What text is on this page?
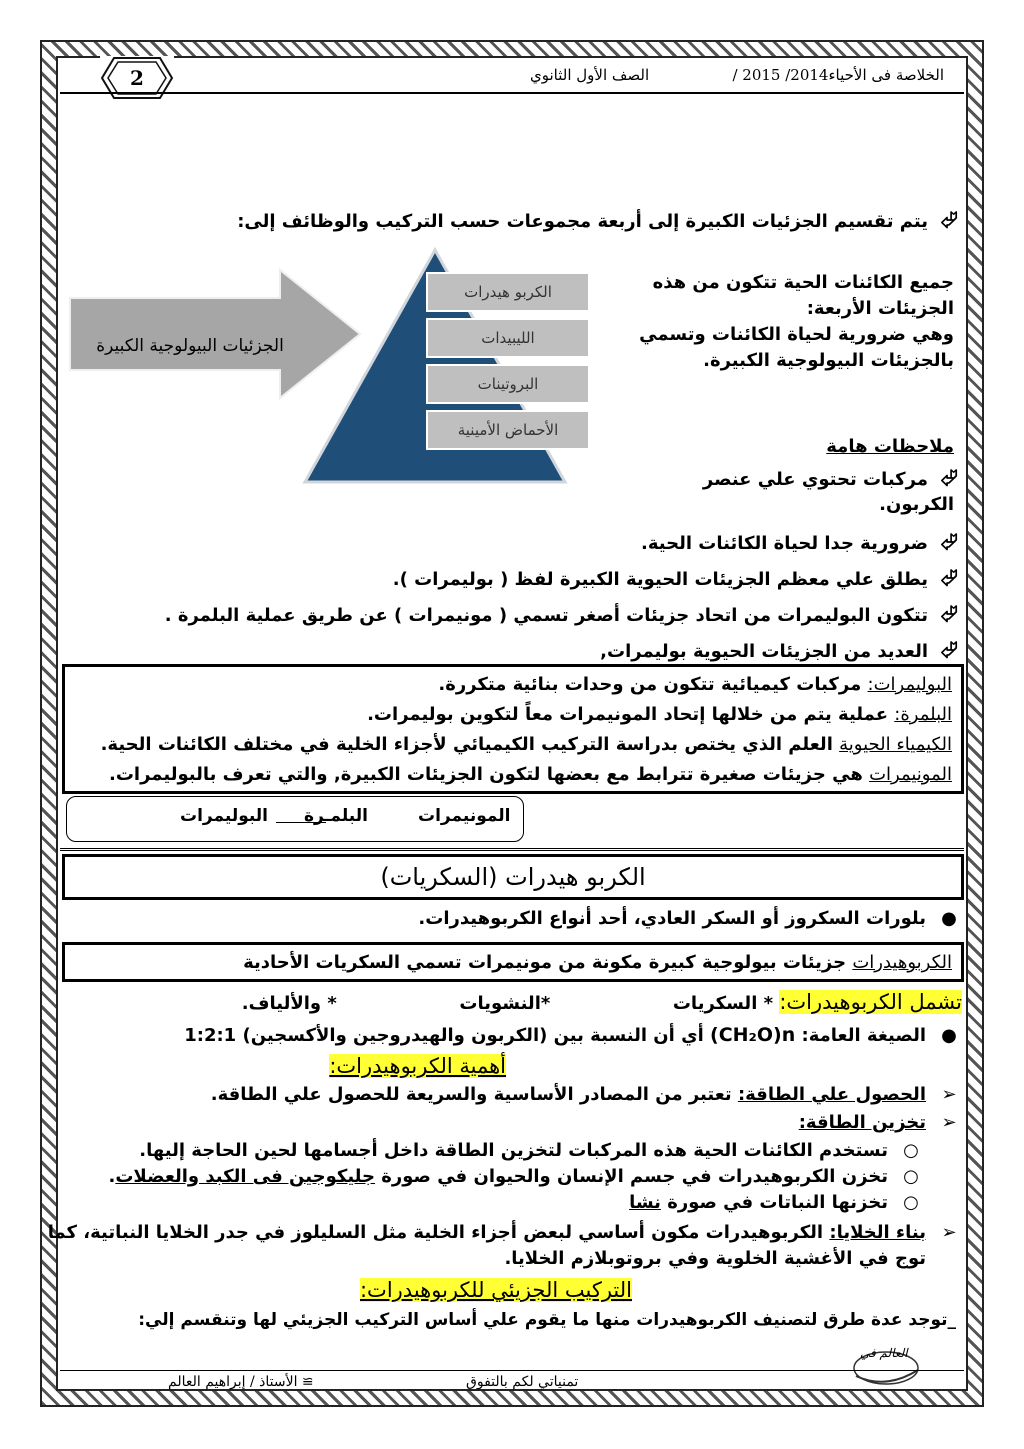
2	الخلاصة فى الأحياء2014/ 2015 /
الصف الأول الثانوي
⮰يتم تقسيم الجزئيات الكبيرة إلى أربعة مجموعات حسب التركيب والوظائف إلى:
الجزئيات البيولوجية الكبيرة
الكربو هيدرات
الليبيدات
البروتينات
الأحماض الأمينية
جميع الكائنات الحية تتكون من هذه
الجزيئات الأربعة:
وهي ضرورية لحياة الكائنات وتسمي
بالجزيئات البيولوجية الكبيرة.
ملاحظات هامة
⮰مركبات تحتوي علي عنصر
الكربون.
⮰ضرورية جدا لحياة الكائنات الحية.
⮰يطلق علي معظم الجزيئات الحيوية الكبيرة لفظ ( بوليمرات ).
⮰تتكون البوليمرات من اتحاد جزيئات أصغر تسمي ( مونيمرات ) عن طريق عملية البلمرة .
⮰العديد من الجزيئات الحيوية بوليمرات,
البوليمرات: مركبات كيميائية تتكون من وحدات بنائية متكررة.
البلمرة: عملية يتم من خلالها إتحاد المونيمرات معاً لتكوين بوليمرات.
الكيمياء الحيوية العلم الذي يختص بدراسة التركيب الكيميائي لأجزاء الخلية في مختلف الكائنات الحية.
المونيمرات هي جزيئات صغيرة تترابط مع بعضها لتكون الجزيئات الكبيرة, والتي تعرف بالبوليمرات.
المونيمرات
البلمـرة
البوليمرات
الكربو هيدرات (السكريات)
●بلورات السكروز أو السكر العادي، أحد أنواع الكربوهيدرات.
الكربوهيدرات جزيئات بيولوجية كبيرة مكونة من مونيمرات تسمي السكريات الأحادية
تشمل الكربوهيدرات: * السكريات  *النشويات  * والألياف.
●الصيغة العامة: (CH₂O)n أي أن النسبة بين (الكربون والهيدروجين والأكسجين) 1:2:1
أهمية الكربوهيدرات:
➢الحصول علي الطاقة: تعتبر من المصادر الأساسية والسريعة للحصول علي الطاقة.
➢تخزين الطاقة:
○تستخدم الكائنات الحية هذه المركبات لتخزين الطاقة داخل أجسامها لحين الحاجة إليها.
○تخزن الكربوهيدرات في جسم الإنسان والحيوان في صورة جليكوجين فى الكبد والعضلات.
○تخزنها النباتات في صورة نشا
➢بناء الخلايا: الكربوهيدرات مكون أساسي لبعض أجزاء الخلية مثل السليلوز في جدر الخلايا النباتية، كما
توج في الأغشية الخلوية وفي بروتوبلازم الخلايا.
التركيب الجزيئي للكربوهيدرات:
_توجد عدة طرق لتصنيف الكربوهيدرات منها ما يقوم علي أساس التركيب الجزيئي لها وتنقسم إلي:
العالم في
≅ الأستاذ / إبراهيم العالم	تمنياتي لكم بالتفوق
